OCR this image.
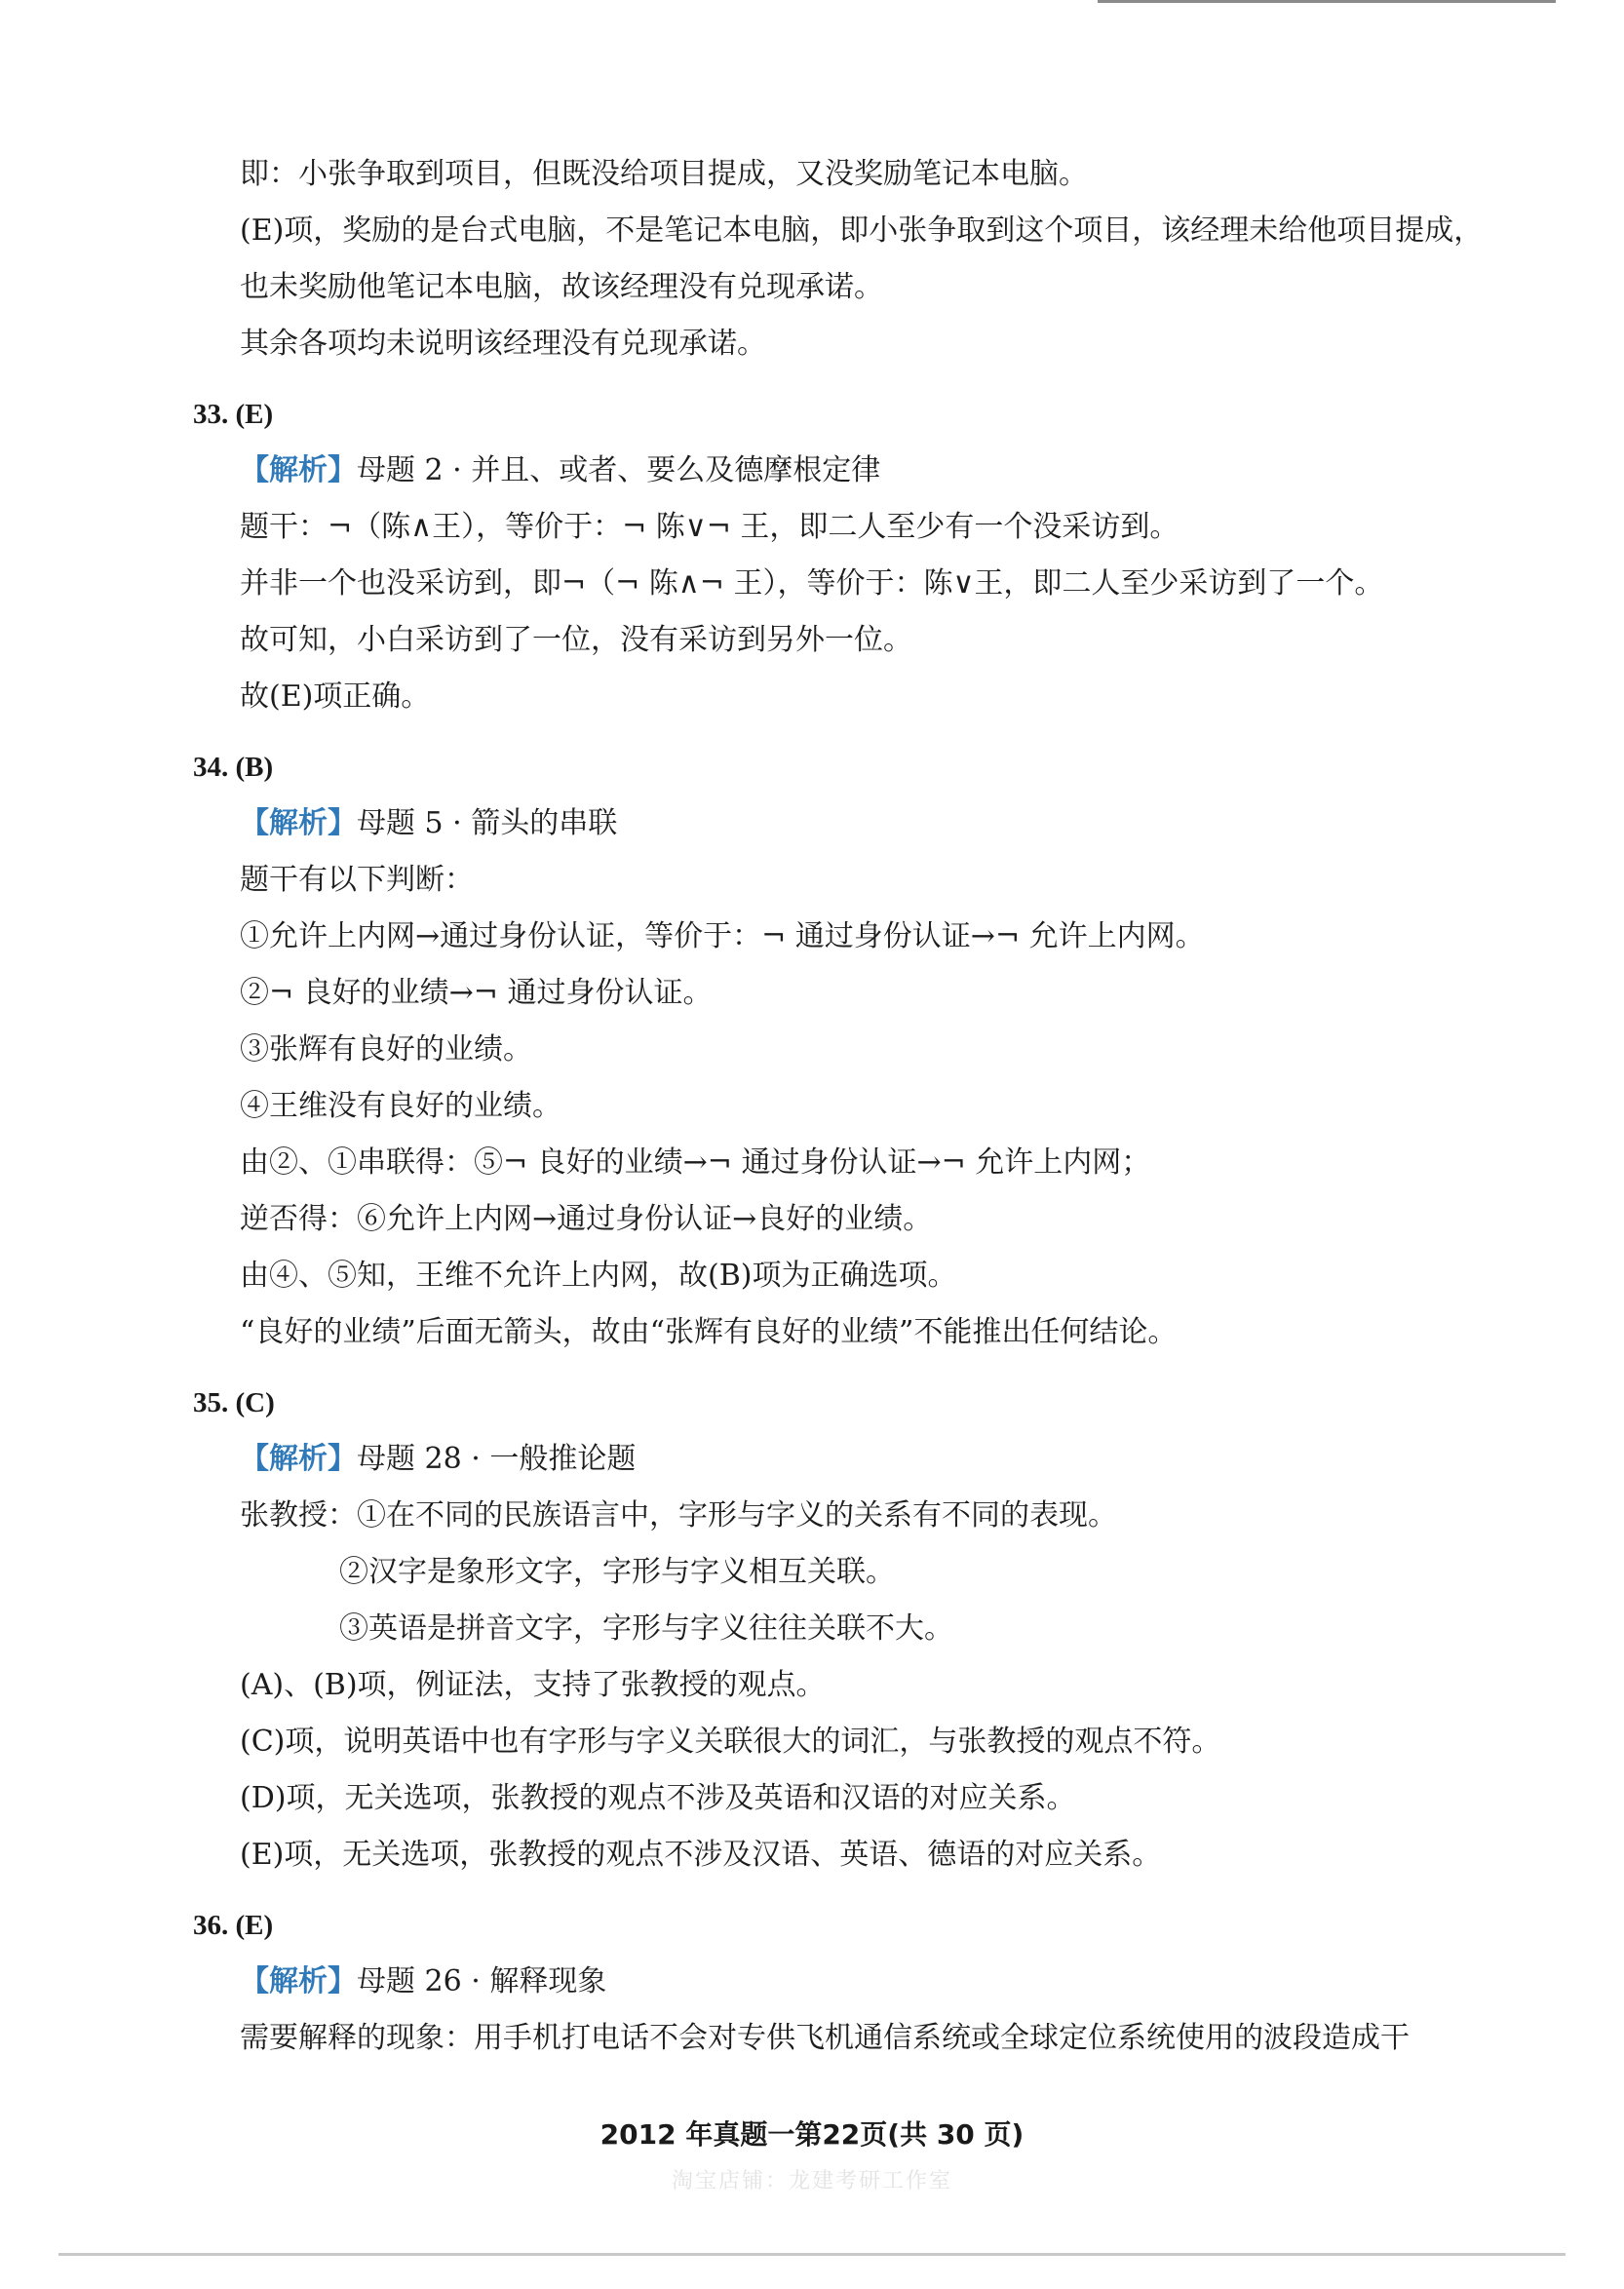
即：小张争取到项目，但既没给项目提成，又没奖励笔记本电脑。
(E)项，奖励的是台式电脑，不是笔记本电脑，即小张争取到这个项目，该经理未给他项目提成，
也未奖励他笔记本电脑，故该经理没有兑现承诺。
其余各项均未说明该经理没有兑现承诺。
33. (E)
【解析】母题 2 · 并且、或者、要么及德摩根定律
题干：¬（陈∧王），等价于：¬ 陈∨¬ 王，即二人至少有一个没采访到。
并非一个也没采访到，即¬（¬ 陈∧¬ 王），等价于：陈∨王，即二人至少采访到了一个。
故可知，小白采访到了一位，没有采访到另外一位。
故(E)项正确。
34. (B)
【解析】母题 5 · 箭头的串联
题干有以下判断：
①允许上内网→通过身份认证，等价于：¬ 通过身份认证→¬ 允许上内网。
②¬ 良好的业绩→¬ 通过身份认证。
③张辉有良好的业绩。
④王维没有良好的业绩。
由②、①串联得：⑤¬ 良好的业绩→¬ 通过身份认证→¬ 允许上内网；
逆否得：⑥允许上内网→通过身份认证→良好的业绩。
由④、⑤知，王维不允许上内网，故(B)项为正确选项。
“良好的业绩”后面无箭头，故由“张辉有良好的业绩”不能推出任何结论。
35. (C)
【解析】母题 28 · 一般推论题
张教授：①在不同的民族语言中，字形与字义的关系有不同的表现。
②汉字是象形文字，字形与字义相互关联。
③英语是拼音文字，字形与字义往往关联不大。
(A)、(B)项，例证法，支持了张教授的观点。
(C)项，说明英语中也有字形与字义关联很大的词汇，与张教授的观点不符。
(D)项，无关选项，张教授的观点不涉及英语和汉语的对应关系。
(E)项，无关选项，张教授的观点不涉及汉语、英语、德语的对应关系。
36. (E)
【解析】母题 26 · 解释现象
需要解释的现象：用手机打电话不会对专供飞机通信系统或全球定位系统使用的波段造成干
2012 年真题一第22页(共 30 页)
淘宝店铺：龙建考研工作室
